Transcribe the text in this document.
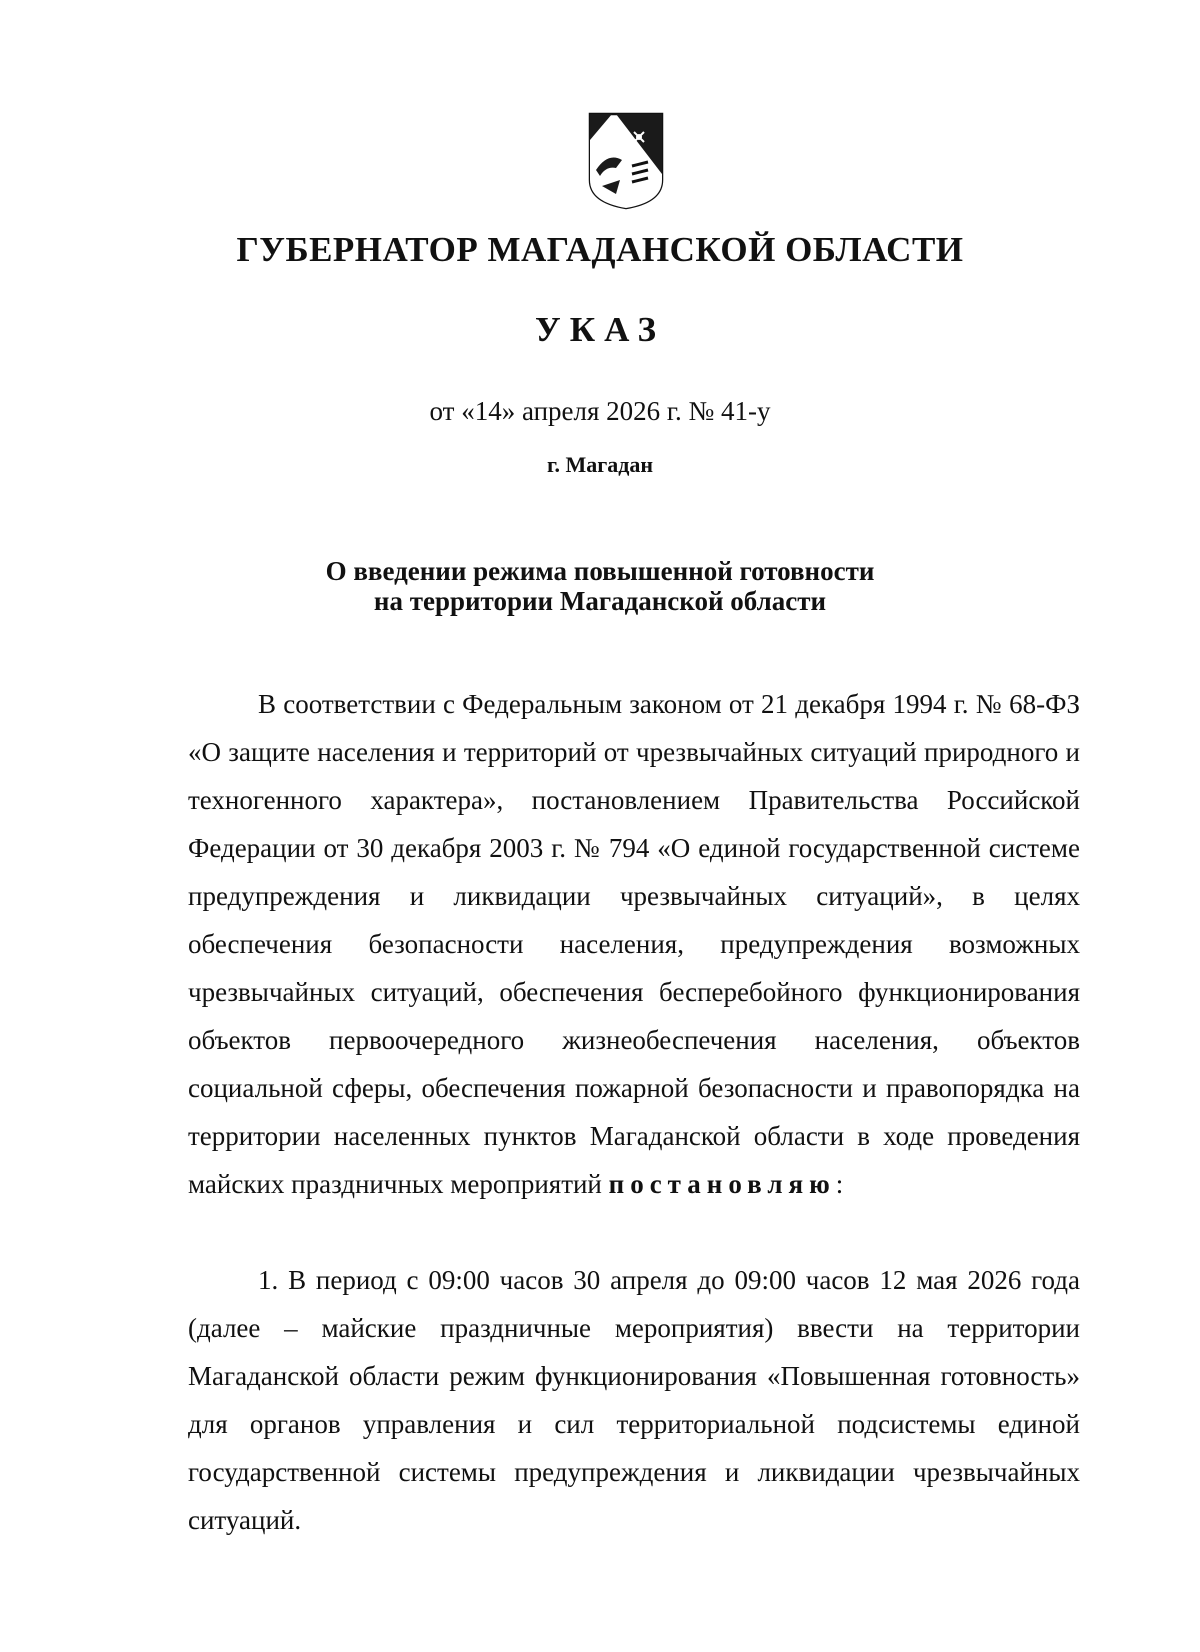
ГУБЕРНАТОР МАГАДАНСКОЙ ОБЛАСТИ
УКАЗ
от «14» апреля 2026 г. № 41-у
г. Магадан
О введении режима повышенной готовности
на территории Магаданской области

В соответствии с Федеральным законом от 21 декабря 1994 г. № 68-ФЗ «О защите населения и территорий от чрезвычайных ситуаций природного и техногенного характера», постановлением Правительства Российской Федерации от 30 декабря 2003 г. № 794 «О единой государственной системе предупреждения и ликвидации чрезвычайных ситуаций», в целях обеспечения безопасности населения, предупреждения возможных чрезвычайных ситуаций, обеспечения бесперебойного функционирования объектов первоочередного жизнеобеспечения населения, объектов социальной сферы, обеспечения пожарной безопасности и правопорядка на территории населенных пунктов Магаданской области в ходе проведения майских праздничных мероприятий постановляю:

1. В период с 09:00 часов 30 апреля до 09:00 часов 12 мая 2026 года (далее – майские праздничные мероприятия) ввести на территории Магаданской области режим функционирования «Повышенная готовность» для органов управления и сил территориальной подсистемы единой государственной системы предупреждения и ликвидации чрезвычайных ситуаций.
